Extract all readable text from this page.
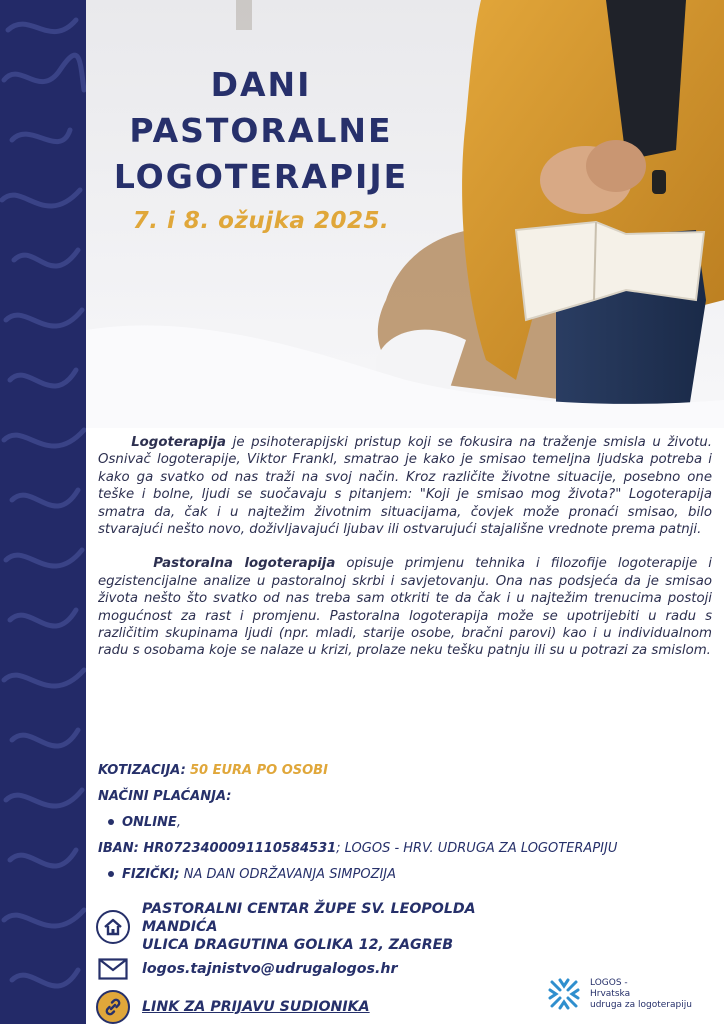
DANI
PASTORALNE
LOGOTERAPIJE
7. i 8. ožujka 2025.

Logoterapija je psihoterapijski pristup koji se fokusira na traženje smisla u životu. Osnivač logoterapije, Viktor Frankl, smatrao je kako je smisao temeljna ljudska potreba i kako ga svatko od nas traži na svoj način. Kroz različite životne situacije, posebno one teške i bolne, ljudi se suočavaju s pitanjem: "Koji je smisao mog života?" Logoterapija smatra da, čak i u najtežim životnim situacijama, čovjek može pronaći smisao, bilo stvarajući nešto novo, doživljavajući ljubav ili ostvarujući stajališne vrednote prema patnji.

Pastoralna logoterapija opisuje primjenu tehnika i filozofije logoterapije i egzistencijalne analize u pastoralnoj skrbi i savjetovanju. Ona nas podsjeća da je smisao života nešto što svatko od nas treba sam otkriti te da čak i u najtežim trenucima postoji mogućnost za rast i promjenu. Pastoralna logoterapija može se upotrijebiti u radu s različitim skupinama ljudi (npr. mladi, starije osobe, bračni parovi) kao i u individualnom radu s osobama koje se nalaze u krizi, prolaze neku tešku patnju ili su u potrazi za smislom.

KOTIZACIJA: 50 EURA PO OSOBI
NAČINI PLAĆANJA:
ONLINE,
IBAN: HR0723400091110584531; LOGOS - HRV. UDRUGA ZA LOGOTERAPIJU
FIZIČKI; NA DAN ODRŽAVANJA SIMPOZIJA
PASTORALNI CENTAR ŽUPE SV. LEOPOLDA MANDIĆA
ULICA DRAGUTINA GOLIKA 12, ZAGREB
logos.tajnistvo@udrugalogos.hr
LINK ZA PRIJAVU SUDIONIKA
LOGOS -
Hrvatska
udruga za logoterapiju
